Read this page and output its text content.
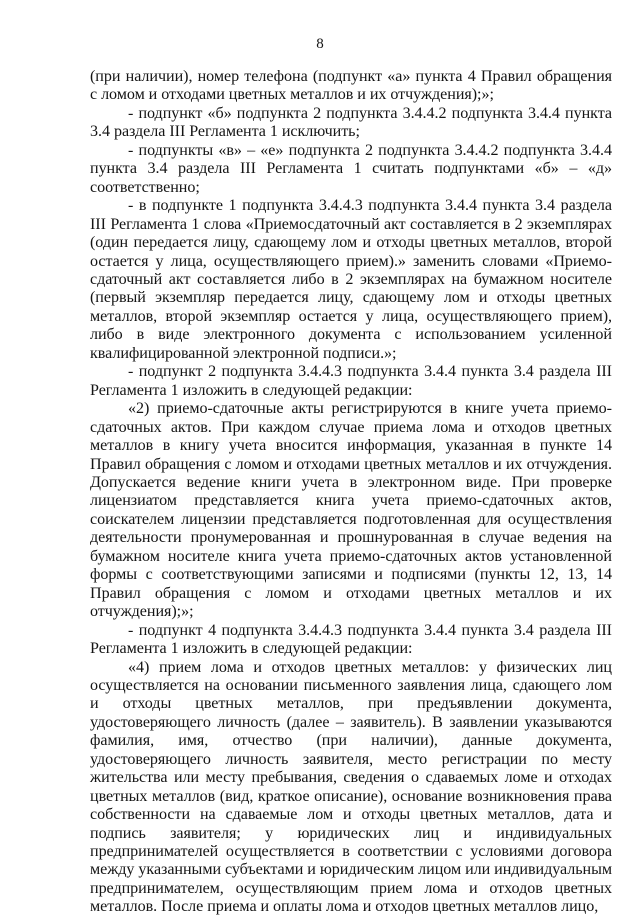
8

(при наличии), номер телефона (подпункт «а» пункта 4 Правил обращения с ломом и отходами цветных металлов и их отчуждения);»;

- подпункт «б» подпункта 2 подпункта 3.4.4.2 подпункта 3.4.4 пункта 3.4 раздела III Регламента 1 исключить;

- подпункты «в» – «е» подпункта 2 подпункта 3.4.4.2 подпункта 3.4.4 пункта 3.4 раздела III Регламента 1 считать подпунктами «б» – «д» соответственно;

- в подпункте 1 подпункта 3.4.4.3 подпункта 3.4.4 пункта 3.4 раздела III Регламента 1 слова «Приемосдаточный акт составляется в 2 экземплярах (один передается лицу, сдающему лом и отходы цветных металлов, второй остается у лица, осуществляющего прием).» заменить словами «Приемо-сдаточный акт составляется либо в 2 экземплярах на бумажном носителе (первый экземпляр передается лицу, сдающему лом и отходы цветных металлов, второй экземпляр остается у лица, осуществляющего прием), либо в виде электронного документа с использованием усиленной квалифицированной электронной подписи.»;

- подпункт 2 подпункта 3.4.4.3 подпункта 3.4.4 пункта 3.4 раздела III Регламента 1 изложить в следующей редакции:

«2) приемо-сдаточные акты регистрируются в книге учета приемо-сдаточных актов. При каждом случае приема лома и отходов цветных металлов в книгу учета вносится информация, указанная в пункте 14 Правил обращения с ломом и отходами цветных металлов и их отчуждения. Допускается ведение книги учета в электронном виде. При проверке лицензиатом представляется книга учета приемо-сдаточных актов, соискателем лицензии представляется подготовленная для осуществления деятельности пронумерованная и прошнурованная в случае ведения на бумажном носителе книга учета приемо-сдаточных актов установленной формы с соответствующими записями и подписями (пункты 12, 13, 14 Правил обращения с ломом и отходами цветных металлов и их отчуждения);»;

- подпункт 4 подпункта 3.4.4.3 подпункта 3.4.4 пункта 3.4 раздела III Регламента 1 изложить в следующей редакции:

«4) прием лома и отходов цветных металлов: у физических лиц осуществляется на основании письменного заявления лица, сдающего лом и отходы цветных металлов, при предъявлении документа, удостоверяющего личность (далее – заявитель). В заявлении указываются фамилия, имя, отчество (при наличии), данные документа, удостоверяющего личность заявителя, место регистрации по месту жительства или месту пребывания, сведения о сдаваемых ломе и отходах цветных металлов (вид, краткое описание), основание возникновения права собственности на сдаваемые лом и отходы цветных металлов, дата и подпись заявителя; у юридических лиц и индивидуальных предпринимателей осуществляется в соответствии с условиями договора между указанными субъектами и юридическим лицом или индивидуальным предпринимателем, осуществляющим прием лома и отходов цветных металлов. После приема и оплаты лома и отходов цветных металлов лицо,
